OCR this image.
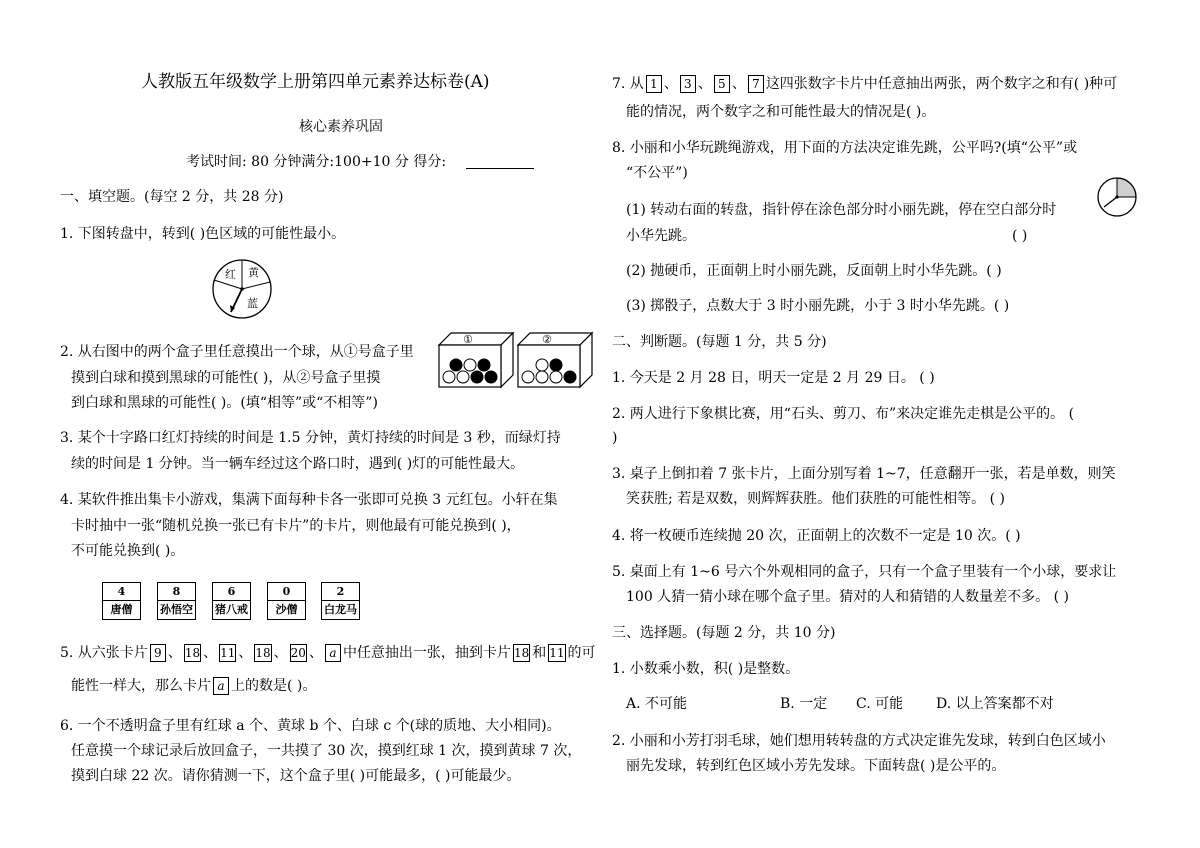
人教版五年级数学上册第四单元素养达标卷(A)
核心素养巩固
考试时间: 80 分钟满分:100+10 分 得分:
一、填空题。(每空 2 分，共 28 分)
1. 下图转盘中，转到( )色区域的可能性最小。
红 黄
蓝
2. 从右图中的两个盒子里任意摸出一个球，从①号盒子里
摸到白球和摸到黑球的可能性( )，从②号盒子里摸
到白球和黑球的可能性( )。(填“相等”或“不相等”)
①	②
3. 某个十字路口红灯持续的时间是 1.5 分钟，黄灯持续的时间是 3 秒，而绿灯持
续的时间是 1 分钟。当一辆车经过这个路口时，遇到( )灯的可能性最大。
4. 某软件推出集卡小游戏，集满下面每种卡各一张即可兑换 3 元红包。小轩在集
卡时抽中一张“随机兑换一张已有卡片”的卡片，则他最有可能兑换到( )，
不可能兑换到( )。
4
唐僧
8
孙悟空
6
猪八戒
0
沙僧
2
白龙马
5. 从六张卡片 9 、 18 、 11 、 18 、 20 、 a 中任意抽出一张，抽到卡片 18 和 11 的可
能性一样大，那么卡片 a 上的数是( )。
6. 一个不透明盒子里有红球 a 个、黄球 b 个、白球 c 个(球的质地、大小相同)。
任意摸一个球记录后放回盒子，一共摸了 30 次，摸到红球 1 次，摸到黄球 7 次，
摸到白球 22 次。请你猜测一下，这个盒子里( )可能最多，( )可能最少。
7. 从 1 、 3 、 5 、 7 这四张数字卡片中任意抽出两张，两个数字之和有( )种可
能的情况，两个数字之和可能性最大的情况是( )。
8. 小丽和小华玩跳绳游戏，用下面的方法决定谁先跳，公平吗?(填“公平”或
“不公平”)
(1) 转动右面的转盘，指针停在涂色部分时小丽先跳，停在空白部分时
小华先跳。	( )
(2) 抛硬币，正面朝上时小丽先跳，反面朝上时小华先跳。( )
(3) 掷骰子，点数大于 3 时小丽先跳，小于 3 时小华先跳。( )
二、判断题。(每题 1 分，共 5 分)
1. 今天是 2 月 28 日，明天一定是 2 月 29 日。 ( )
2. 两人进行下象棋比赛，用“石头、剪刀、布”来决定谁先走棋是公平的。 (
)
3. 桌子上倒扣着 7 张卡片，上面分别写着 1~7，任意翻开一张，若是单数，则笑
笑获胜; 若是双数，则辉辉获胜。他们获胜的可能性相等。 ( )
4. 将一枚硬币连续抛 20 次，正面朝上的次数不一定是 10 次。( )
5. 桌面上有 1~6 号六个外观相同的盒子，只有一个盒子里装有一个小球，要求让
100 人猜一猜小球在哪个盒子里。猜对的人和猜错的人数量差不多。 ( )
三、选择题。(每题 2 分，共 10 分)
1. 小数乘小数，积( )是整数。
A. 不可能	B. 一定 C. 可能 D. 以上答案都不对
2. 小丽和小芳打羽毛球，她们想用转转盘的方式决定谁先发球，转到白色区域小
丽先发球，转到红色区域小芳先发球。下面转盘( )是公平的。
